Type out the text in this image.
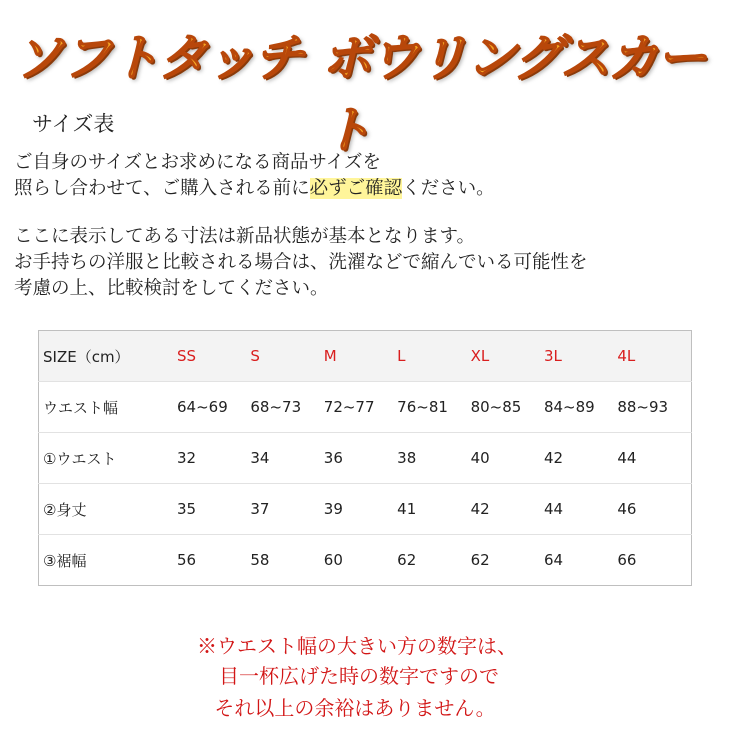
ソフトタッチ ボウリングスカート
サイズ表
ご自身のサイズとお求めになる商品サイズを
照らし合わせて、ご購入される前に必ずご確認ください。
ここに表示してある寸法は新品状態が基本となります。
お手持ちの洋服と比較される場合は、洗濯などで縮んでいる可能性を
考慮の上、比較検討をしてください。
SIZE（cm）	SS	S	M	L	XL	3L	4L
ウエスト幅	64~69	68~73	72~77	76~81	80~85	84~89	88~93
①ウエスト	32	34	36	38	40	42	44
②身丈	35	37	39	41	42	44	46
③裾幅	56	58	60	62	62	64	66
※ウエスト幅の大きい方の数字は、
目一杯広げた時の数字ですので
それ以上の余裕はありません。
